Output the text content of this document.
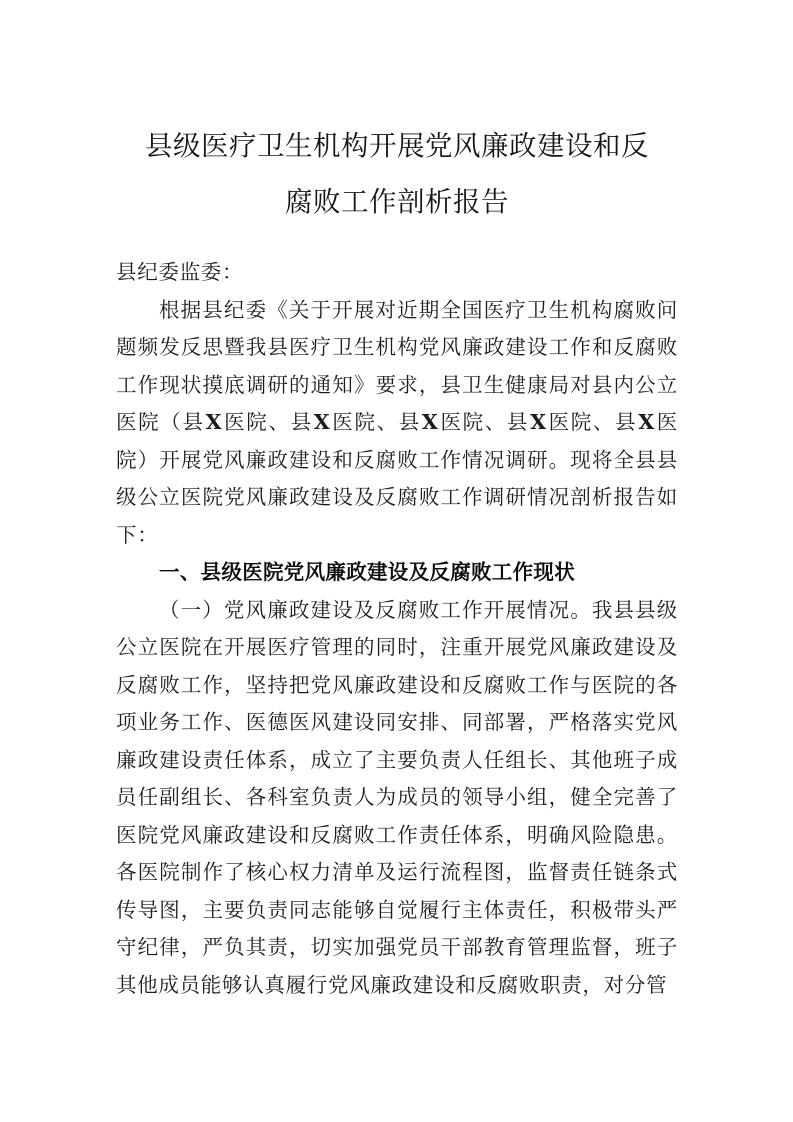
县级医疗卫生机构开展党风廉政建设和反
腐败工作剖析报告

县纪委监委：

根据县纪委《关于开展对近期全国医疗卫生机构腐败问题频发反思暨我县医疗卫生机构党风廉政建设工作和反腐败工作现状摸底调研的通知》要求，县卫生健康局对县内公立医院（县X医院、县X医院、县X医院、县X医院、县X医院）开展党风廉政建设和反腐败工作情况调研。现将全县县级公立医院党风廉政建设及反腐败工作调研情况剖析报告如下：

一、县级医院党风廉政建设及反腐败工作现状

（一）党风廉政建设及反腐败工作开展情况。我县县级公立医院在开展医疗管理的同时，注重开展党风廉政建设及反腐败工作，坚持把党风廉政建设和反腐败工作与医院的各项业务工作、医德医风建设同安排、同部署，严格落实党风廉政建设责任体系，成立了主要负责人任组长、其他班子成员任副组长、各科室负责人为成员的领导小组，健全完善了医院党风廉政建设和反腐败工作责任体系，明确风险隐患。各医院制作了核心权力清单及运行流程图，监督责任链条式传导图，主要负责同志能够自觉履行主体责任，积极带头严守纪律，严负其责，切实加强党员干部教育管理监督，班子其他成员能够认真履行党风廉政建设和反腐败职责，对分管
